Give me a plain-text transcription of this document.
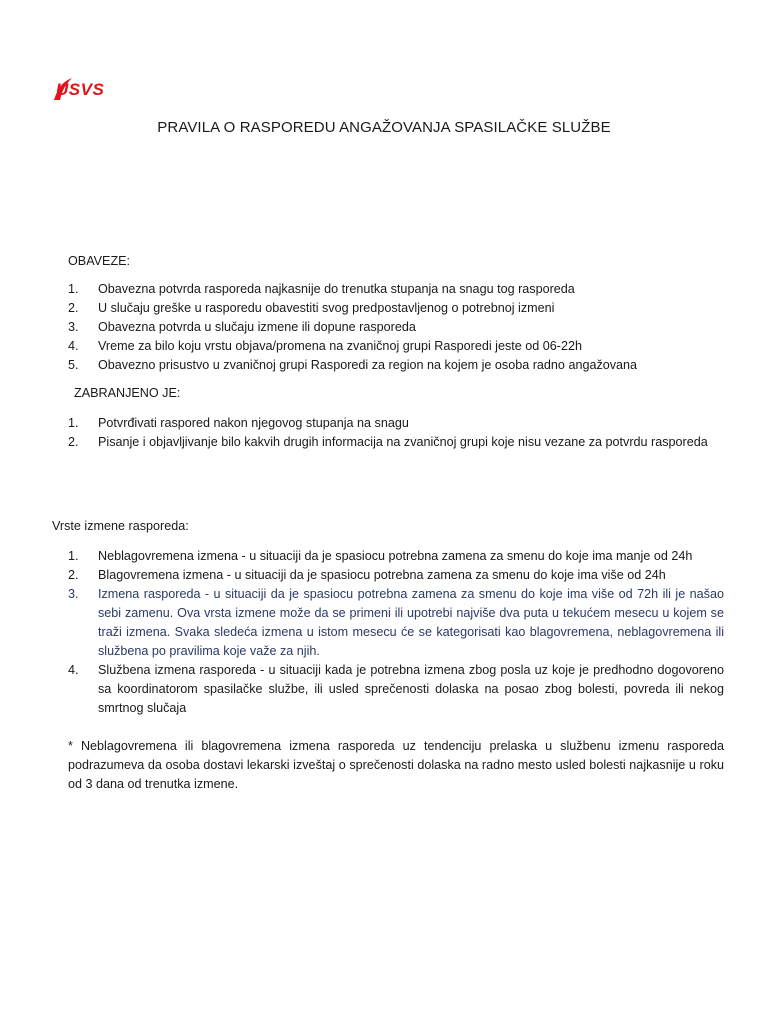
USVS
PRAVILA O RASPOREDU ANGAŽOVANJA SPASILAČKE SLUŽBE

OBAVEZE:

1. Obavezna potvrda rasporeda najkasnije do trenutka stupanja na snagu tog rasporeda
2. U slučaju greške u rasporedu obavestiti svog predpostavljenog o potrebnoj izmeni
3. Obavezna potvrda u slučaju izmene ili dopune rasporeda
4. Vreme za bilo koju vrstu objava/promena na zvaničnoj grupi Rasporedi jeste od 06-22h
5. Obavezno prisustvo u zvaničnoj grupi Rasporedi za region na kojem je osoba radno angažovana

ZABRANJENO JE:

1. Potvrđivati raspored nakon njegovog stupanja na snagu
2. Pisanje i objavljivanje bilo kakvih drugih informacija na zvaničnoj grupi koje nisu vezane za potvrdu rasporeda

Vrste izmene rasporeda:

1. Neblagovremena izmena - u situaciji da je spasiocu potrebna zamena za smenu do koje ima manje od 24h
2. Blagovremena izmena - u situaciji da je spasiocu potrebna zamena za smenu do koje ima više od 24h
3. Izmena rasporeda - u situaciji da je spasiocu potrebna zamena za smenu do koje ima više od 72h ili je našao sebi zamenu. Ova vrsta izmene može da se primeni ili upotrebi najviše dva puta u tekućem mesecu u kojem se traži izmena. Svaka sledeća izmena u istom mesecu će se kategorisati kao blagovremena, neblagovremena ili službena po pravilima koje važe za njih.
4. Službena izmena rasporeda - u situaciji kada je potrebna izmena zbog posla uz koje je predhodno dogovoreno sa koordinatorom spasilačke službe, ili usled sprečenosti dolaska na posao zbog bolesti, povreda ili nekog smrtnog slučaja
* Neblagovremena ili blagovremena izmena rasporeda uz tendenciju prelaska u službenu izmenu rasporeda podrazumeva da osoba dostavi lekarski izveštaj o sprečenosti dolaska na radno mesto usled bolesti najkasnije u roku od 3 dana od trenutka izmene.
